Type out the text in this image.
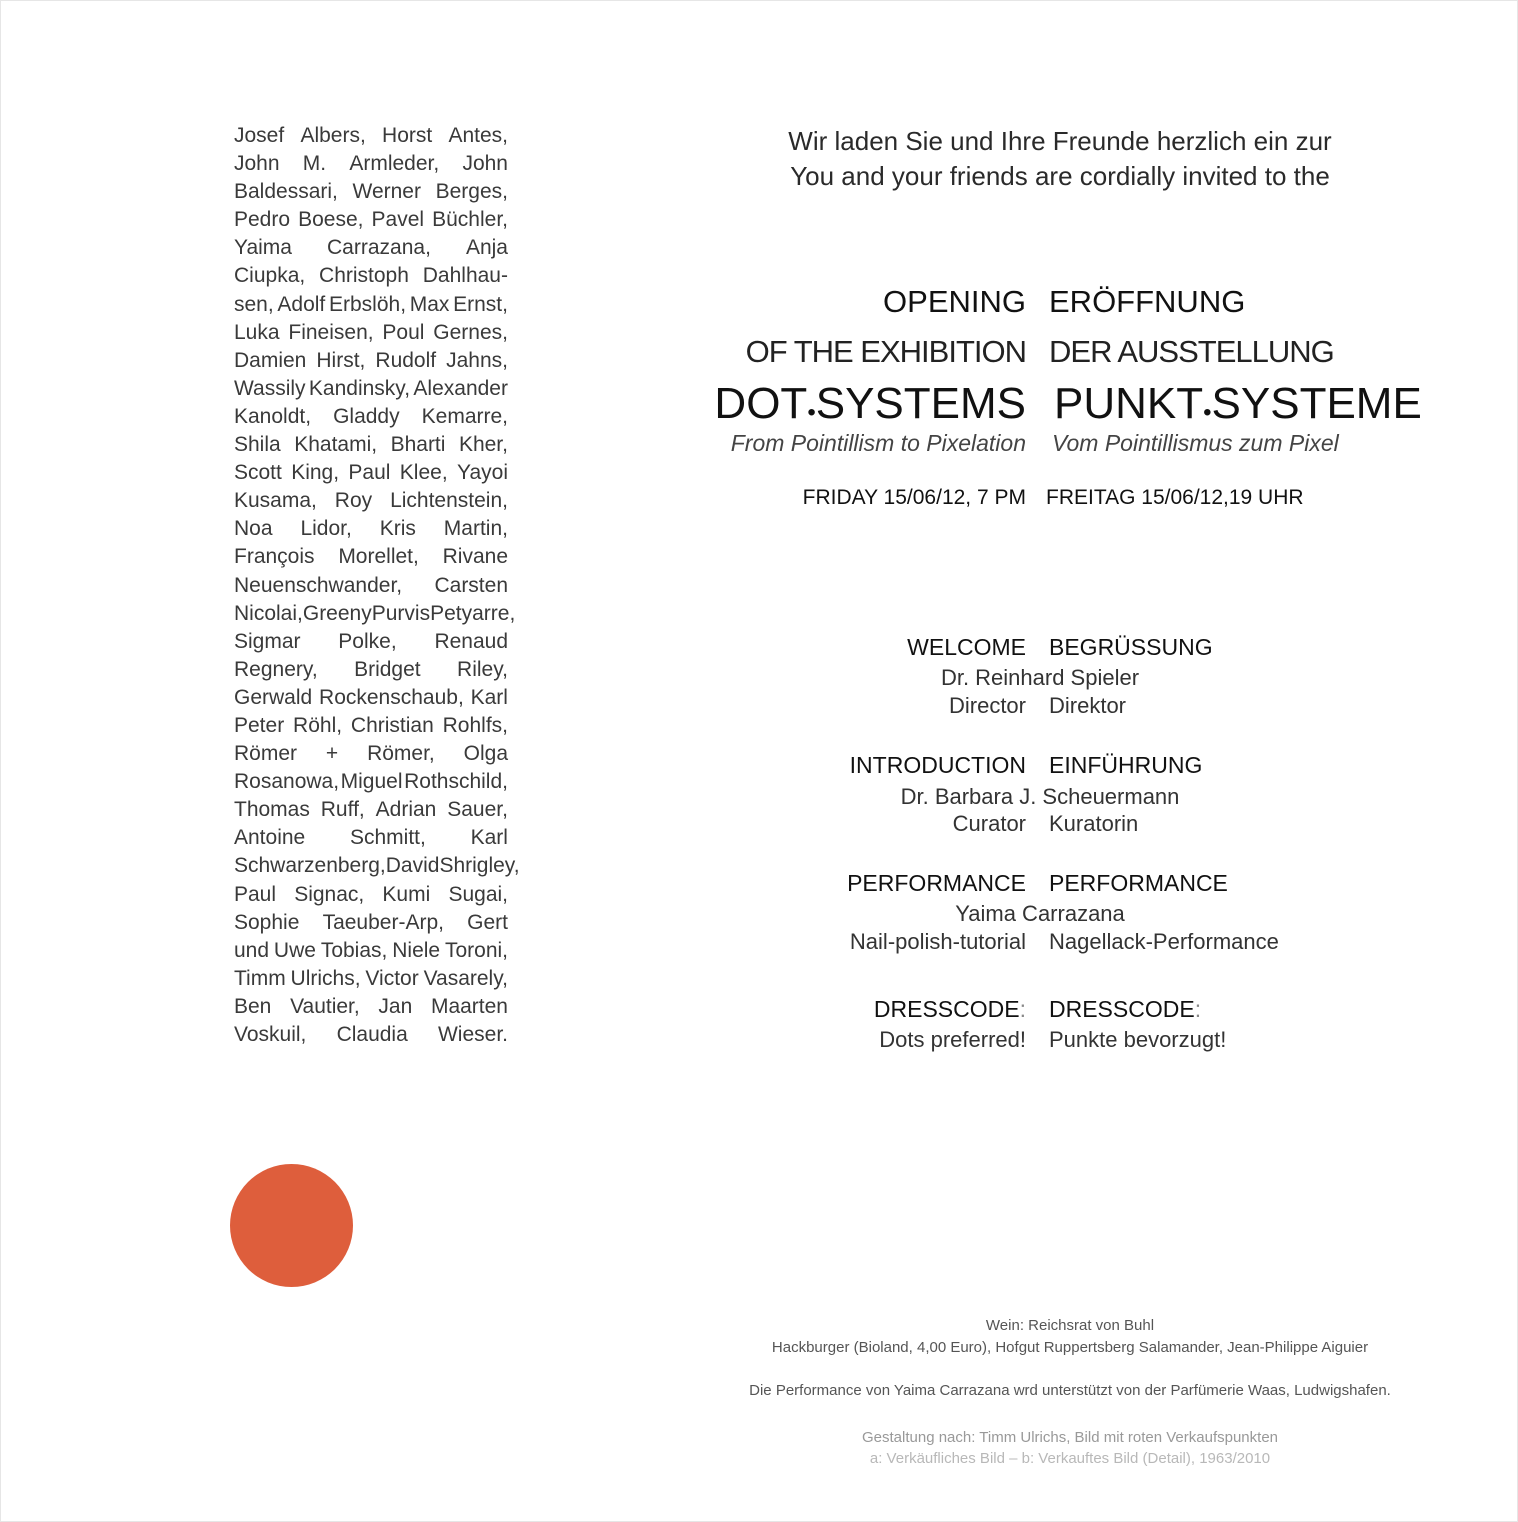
Josef Albers, Horst Antes,
John M. Armleder, John
Baldessari, Werner Berges,
Pedro Boese, Pavel Büchler,
Yaima Carrazana, Anja
Ciupka, Christoph Dahlhau-
sen, Adolf Erbslöh, Max Ernst,
Luka Fineisen, Poul Gernes,
Damien Hirst, Rudolf Jahns,
Wassily Kandinsky, Alexander
Kanoldt, Gladdy Kemarre,
Shila Khatami, Bharti Kher,
Scott King, Paul Klee, Yayoi
Kusama, Roy Lichtenstein,
Noa Lidor, Kris Martin,
François Morellet, Rivane
Neuenschwander, Carsten
Nicolai, Greeny Purvis Petyarre,
Sigmar Polke, Renaud
Regnery, Bridget Riley,
Gerwald Rockenschaub, Karl
Peter Röhl, Christian Rohlfs,
Römer + Römer, Olga
Rosanowa, Miguel Rothschild,
Thomas Ruff, Adrian Sauer,
Antoine Schmitt, Karl
Schwarzenberg,David Shrigley,
Paul Signac, Kumi Sugai,
Sophie Taeuber-Arp, Gert
und Uwe Tobias, Niele Toroni,
Timm Ulrichs, Victor Vasarely,
Ben Vautier, Jan Maarten
Voskuil, Claudia Wieser.
Wir laden Sie und Ihre Freunde herzlich ein zur
You and your friends are cordially invited to the
OPENING ERÖFFNUNG
OF THE EXHIBITION DER AUSSTELLUNG
DOT•SYSTEMS PUNKT•SYSTEME
From Pointillism to Pixelation Vom Pointillismus zum Pixel
FRIDAY 15/06/12, 7 PM FREITAG 15/06/12,19 UHR
WELCOME BEGRÜSSUNG
Dr. Reinhard Spieler
Director Direktor
INTRODUCTION EINFÜHRUNG
Dr. Barbara J. Scheuermann
Curator Kuratorin
PERFORMANCE PERFORMANCE
Yaima Carrazana
Nail-polish-tutorial Nagellack-Performance
DRESSCODE: DRESSCODE:
Dots preferred! Punkte bevorzugt!
Wein: Reichsrat von Buhl
Hackburger (Bioland, 4,00 Euro), Hofgut Ruppertsberg Salamander, Jean-Philippe Aiguier
Die Performance von Yaima Carrazana wrd unterstützt von der Parfümerie Waas, Ludwigshafen.
Gestaltung nach: Timm Ulrichs, Bild mit roten Verkaufspunkten
a: Verkäufliches Bild – b: Verkauftes Bild (Detail), 1963/2010
